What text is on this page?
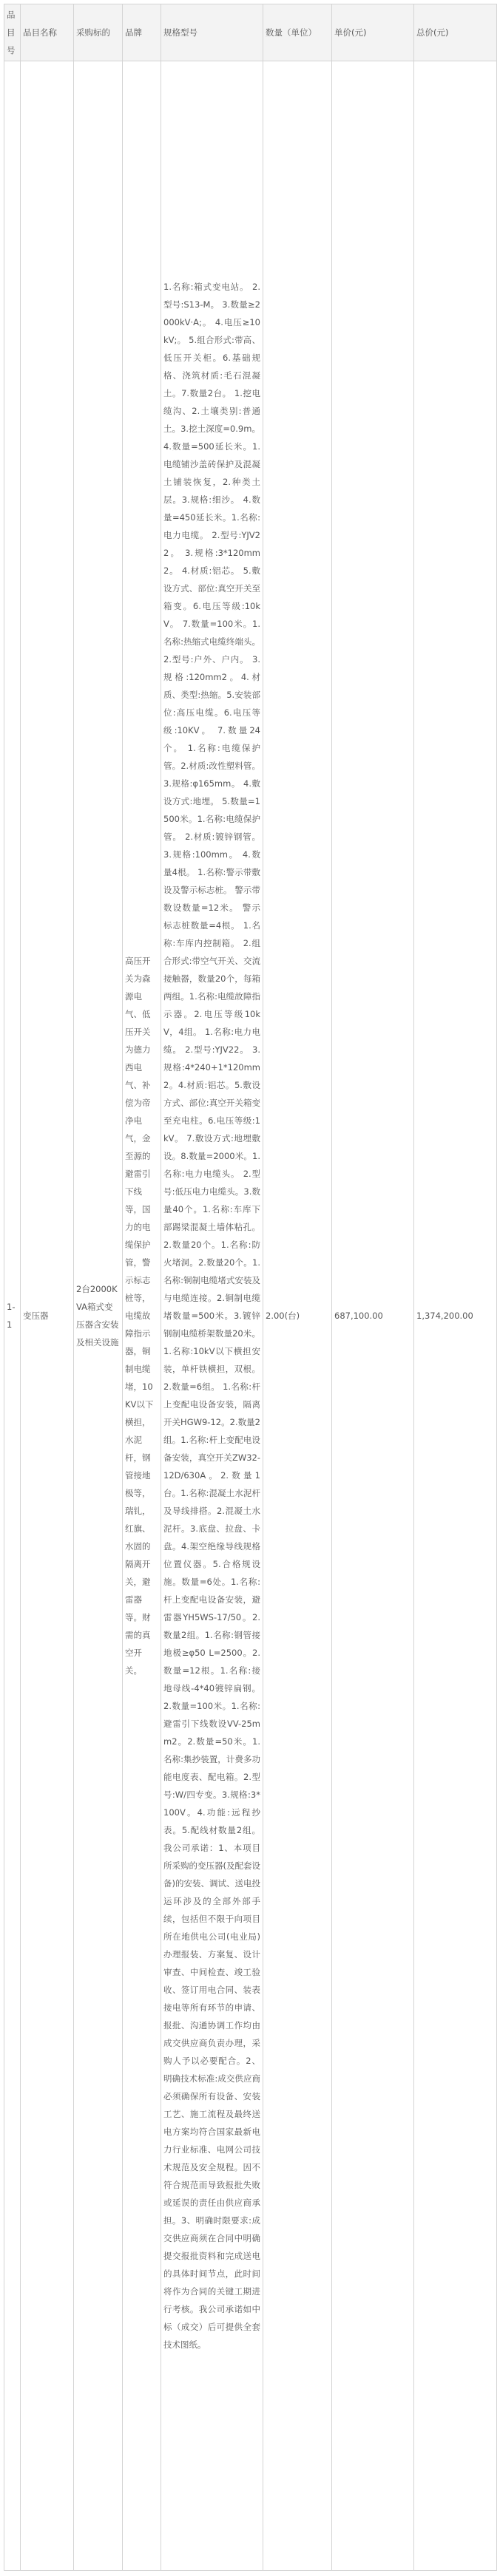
品目号	品目名称	采购标的	品牌	规格型号	数量（单位）	单价(元)	总价(元)
1-1	变压器	2台2000KVA箱式变压器含安装及相关设施	高压开关为森源电气、低压开关为德力西电气、补偿为帝净电气，金至源的避雷引下线等，国力的电缆保护管，警示标志桩等，电缆故障指示器，铜制电缆堵，10KV以下横担，水泥杆，钢管接地极等，瑞钆，红旗、水固的隔离开关，避雷器等。财需的真空开关。	1.名称:箱式变电站。 2.型号:S13-M。 3.数量≥2000kV·A;。 4.电压≥10kV;。 5.组合形式:带高、低压开关柜。6.基础规格、浇筑材质:毛石混凝土。7.数量2台。 1.挖电缆沟、2.土壤类别:普通土。3.挖土深度=0.9m。 4.数量=500延长米。1.电缆铺沙盖砖保护及混凝土铺装恢复，2.种类土层。3.规格:细沙。 4.数量=450延长米。1.名称:电力电缆。 2.型号:YJV22。 3.规格:3*120mm2。 4.材质:铝芯。 5.敷设方式、部位:真空开关至箱变。6.电压等级:10kV。 7.数量=100米。1.名称:热缩式电缆终端头。 2.型号:户外、户内。 3.规格:120mm2。4.材质、类型:热缩。5.安装部位:高压电缆。6.电压等级:10KV。 7.数量24个。 1.名称:电缆保护管。2.材质:改性塑料管。3.规格:φ165mm。 4.敷设方式:地埋。 5.数量=1500米。1.名称:电缆保护管。 2.材质:镀锌钢管。 3.规格:100mm。 4.数量4根。 1.名称:警示带敷设及警示标志桩。 警示带数设数量=12米。 警示标志桩数量=4根。 1.名称:车库内控制箱。 2.组合形式:带空气开关、交流接触器，数量20个，每箱两组。1.名称:电缆故障指示器。2.电压等级10kV，4组。 1.名称:电力电缆。 2.型号:YJV22。 3.规格:4*240+1*120mm2。4.材质:铝芯。5.敷设方式、部位:真空开关箱变至充电柱。6.电压等级:1kV。 7.敷设方式:地埋敷设。8.数量=2000米。1.名称:电力电缆头。 2.型号:低压电力电缆头。3.数量40个。1.名称:车库下部踢梁混凝土墙体粘孔。2.数量20个。1.名称:防火堵洞。2.数量20个。1.名称:铜制电缆堵式安装及与电缆连接。2.铜制电缆堵数量=500米。3.镀锌钢制电缆桥架数量20米。 1.名称:10kV以下横担安装，单杆铁横担，双根。2.数量=6组。 1.名称:杆上变配电设备安装，隔离开关HGW9-12。2.数量2组。1.名称:杆上变配电设备安装，真空开关ZW32-12D/630A。2.数量1台。1.名称:混凝土水泥杆及导线排搭。2.混凝土水泥杆。3.底盘、拉盘、卡盘。4.架空绝缘导线规格位置仪器。5.合格规设施。数量=6处。1.名称:杆上变配电设备安装，避雷器YH5WS-17/50。2.数量2组。1.名称:钢管接地极≥φ50 L=2500。2.数量=12根。1.名称:接地母线-4*40镀锌扁钢。2.数量=100米。1.名称:避雷引下线数设VV-25mm2。2.数量=50米。1.名称:集抄装置，计费多功能电度表、配电箱。2.型号:W/四专变。3.规格:3*100V。4.功能:远程抄表。5.配线材数量2组。我公司承诺：1、本项目所采购的变压器(及配套设备)的安装、调试、送电投运环涉及的全部外部手续，包括但不限于向项目所在地供电公司(电业局)办理报装、方案复、设计审查、中间检查、竣工验收、签订用电合同、装表接电等所有环节的申请、报批、沟通协调工作均由成交供应商负责办理，采购人予以必要配合。2、明确技术标准:成交供应商必须确保所有设备、安装工艺、施工流程及最终送电方案均符合国家最新电力行业标准、电网公司技术规范及安全规程。因不符合规范而导致报批失败或延误的责任由供应商承担。3、明确时限要求:成交供应商须在合同中明确提交报批资料和完成送电的具体时间节点，此时间将作为合同的关键工期进行考核。我公司承诺如中标（成交）后可提供全套技术图纸。	2.00(台)	687,100.00	1,374,200.00
